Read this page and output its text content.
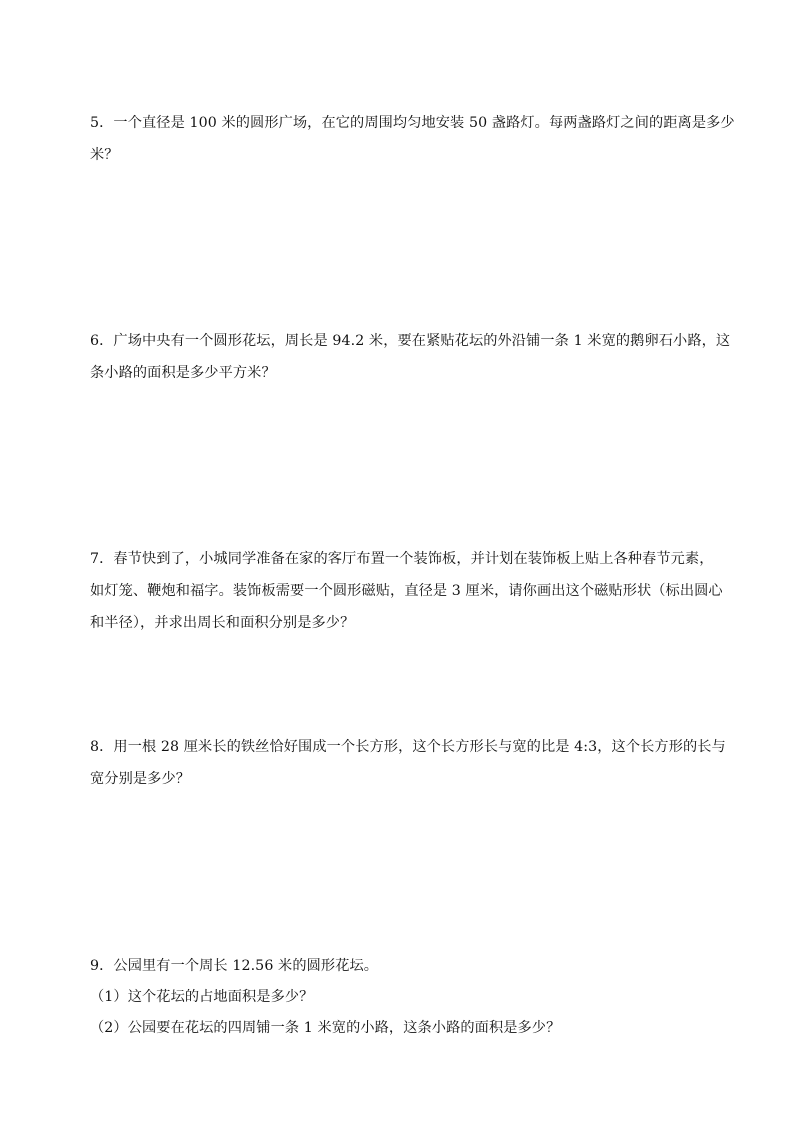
5．一个直径是 100 米的圆形广场，在它的周围均匀地安装 50 盏路灯。每两盏路灯之间的距离是多少
米？
6．广场中央有一个圆形花坛，周长是 94.2 米，要在紧贴花坛的外沿铺一条 1 米宽的鹅卵石小路，这
条小路的面积是多少平方米？
7．春节快到了，小城同学准备在家的客厅布置一个装饰板，并计划在装饰板上贴上各种春节元素，
如灯笼、鞭炮和福字。装饰板需要一个圆形磁贴，直径是 3 厘米，请你画出这个磁贴形状（标出圆心
和半径），并求出周长和面积分别是多少？
8．用一根 28 厘米长的铁丝恰好围成一个长方形，这个长方形长与宽的比是 4:3，这个长方形的长与
宽分别是多少？
9．公园里有一个周长 12.56 米的圆形花坛。
（1）这个花坛的占地面积是多少？
（2）公园要在花坛的四周铺一条 1 米宽的小路，这条小路的面积是多少？
